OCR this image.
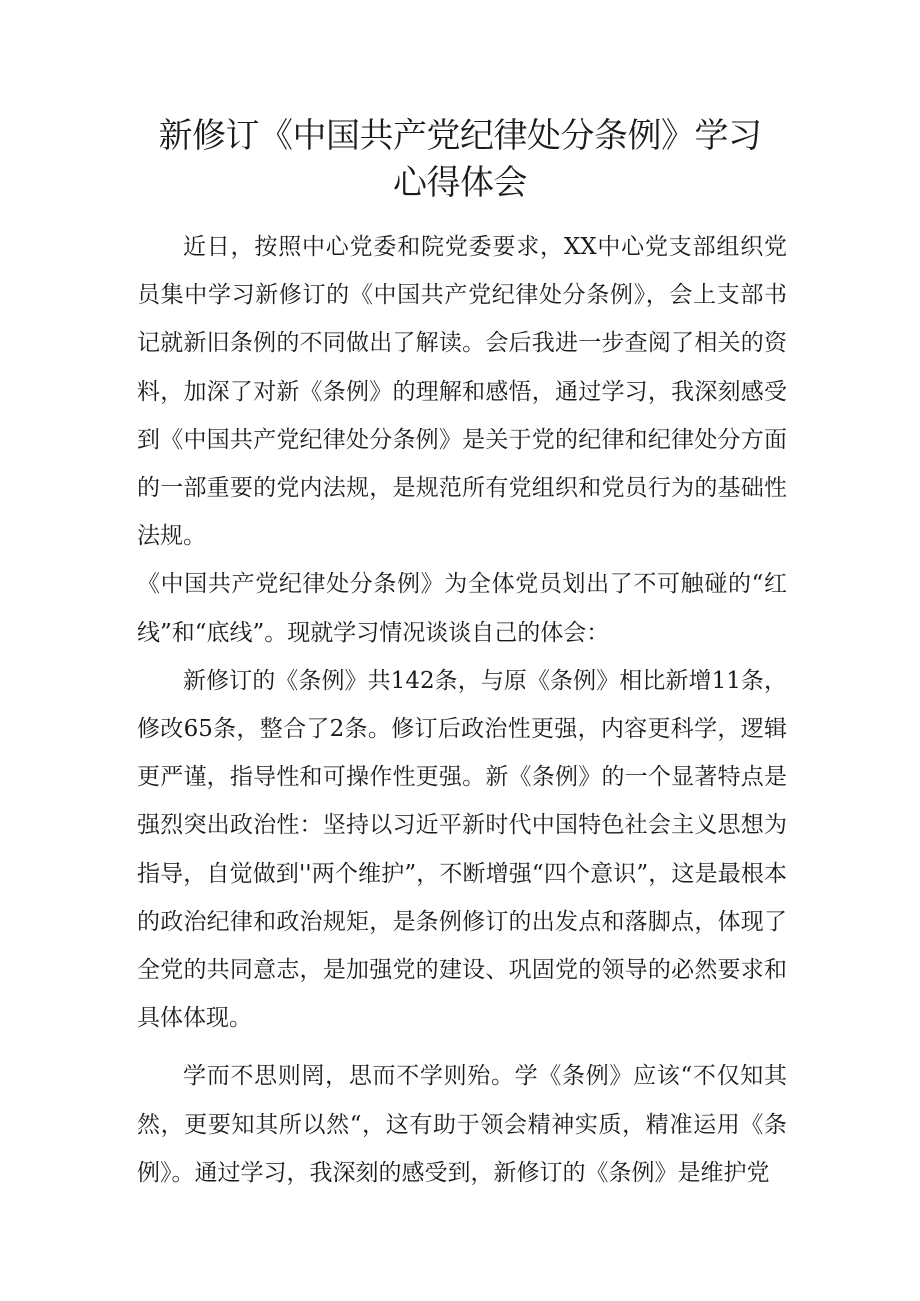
新修订《中国共产党纪律处分条例》学习
心得体会

近日，按照中心党委和院党委要求，XX中心党支部组织党员集中学习新修订的《中国共产党纪律处分条例》，会上支部书记就新旧条例的不同做出了解读。会后我进一步查阅了相关的资料，加深了对新《条例》的理解和感悟，通过学习，我深刻感受到《中国共产党纪律处分条例》是关于党的纪律和纪律处分方面的一部重要的党内法规，是规范所有党组织和党员行为的基础性法规。

《中国共产党纪律处分条例》为全体党员划出了不可触碰的“红线”和“底线”。现就学习情况谈谈自己的体会：

新修订的《条例》共142条，与原《条例》相比新增11条，修改65条，整合了2条。修订后政治性更强，内容更科学，逻辑更严谨，指导性和可操作性更强。新《条例》的一个显著特点是强烈突出政治性：坚持以习近平新时代中国特色社会主义思想为指导，自觉做到''两个维护”，不断增强“四个意识”，这是最根本的政治纪律和政治规矩，是条例修订的出发点和落脚点，体现了全党的共同意志，是加强党的建设、巩固党的领导的必然要求和具体体现。

学而不思则罔，思而不学则殆。学《条例》应该“不仅知其然，更要知其所以然“，这有助于领会精神实质，精准运用《条例》。通过学习，我深刻的感受到，新修订的《条例》是维护党
